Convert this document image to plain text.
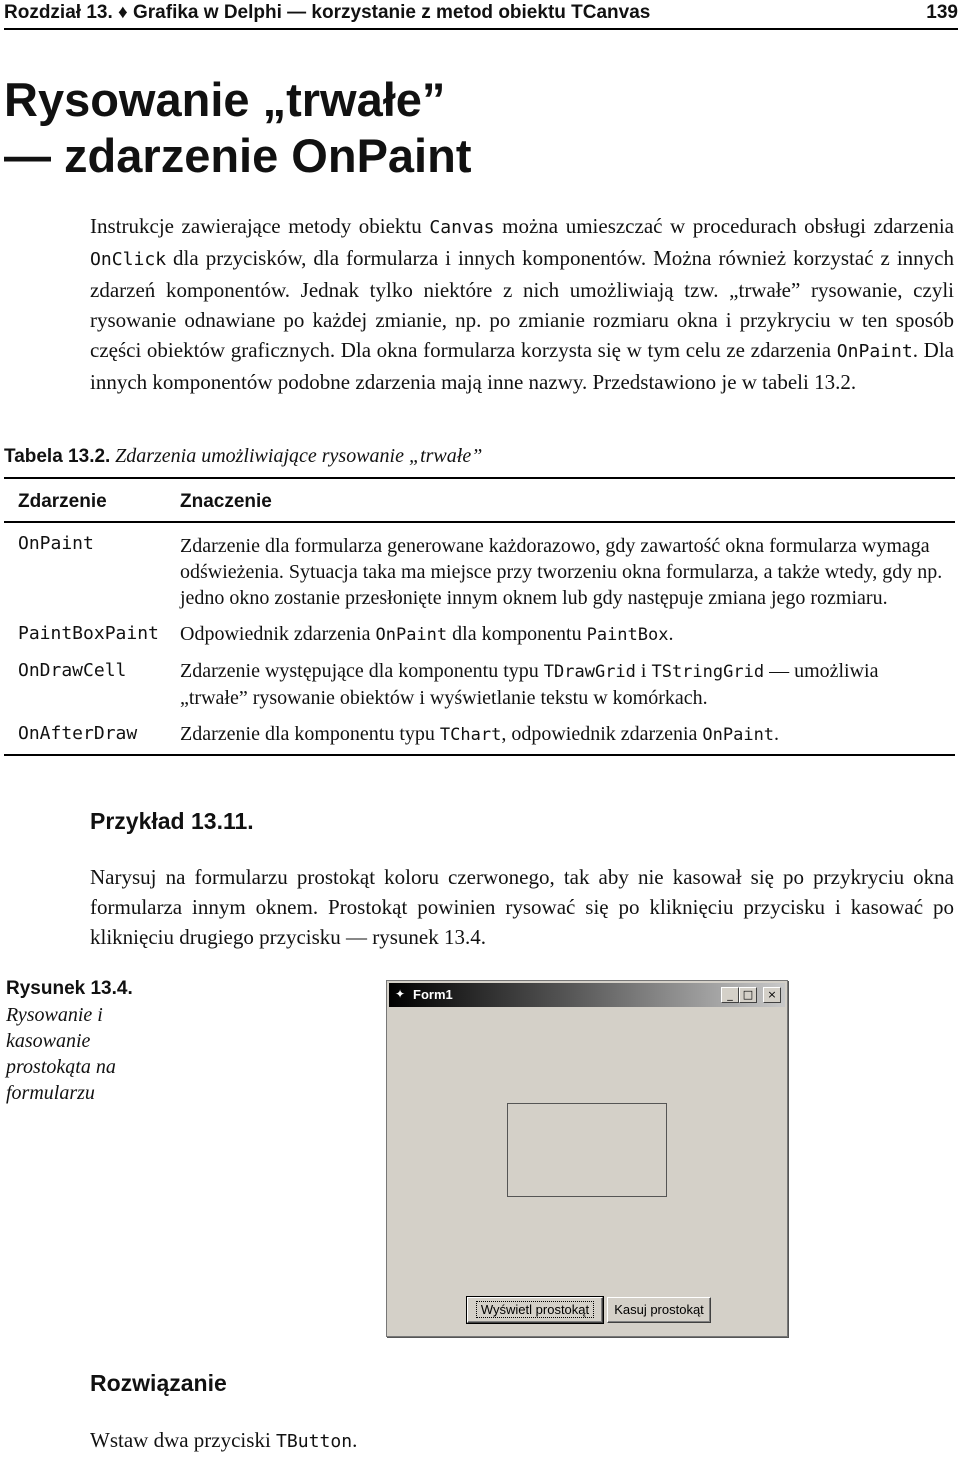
Rozdział 13. ♦ Grafika w Delphi — korzystanie z metod obiektu TCanvas	139
Rysowanie „trwałe”
— zdarzenie OnPaint

Instrukcje zawierające metody obiektu Canvas można umieszczać w procedurach obsługi zdarzenia OnClick dla przycisków, dla formularza i innych komponentów. Można również korzystać z innych zdarzeń komponentów. Jednak tylko niektóre z nich umożliwiają tzw. „trwałe” rysowanie, czyli rysowanie odnawiane po każdej zmianie, np. po zmianie rozmiaru okna i przykryciu w ten sposób części obiektów graficznych. Dla okna formularza korzysta się w tym celu ze zdarzenia OnPaint. Dla innych komponentów podobne zdarzenia mają inne nazwy. Przedstawiono je w tabeli 13.2.

Tabela 13.2. Zdarzenia umożliwiające rysowanie „trwałe”
Zdarzenie	Znaczenie
OnPaint	Zdarzenie dla formularza generowane każdorazowo, gdy zawartość okna formularza wymaga odświeżenia. Sytuacja taka ma miejsce przy tworzeniu okna formularza, a także wtedy, gdy np. jedno okno zostanie przesłonięte innym oknem lub gdy następuje zmiana jego rozmiaru.
PaintBoxPaint Odpowiednik zdarzenia OnPaint dla komponentu PaintBox.
OnDrawCell	Zdarzenie występujące dla komponentu typu TDrawGrid i TStringGrid — umożliwia „trwałe” rysowanie obiektów i wyświetlanie tekstu w komórkach.
OnAfterDraw Zdarzenie dla komponentu typu TChart, odpowiednik zdarzenia OnPaint.
Przykład 13.11.

Narysuj na formularzu prostokąt koloru czerwonego, tak aby nie kasował się po przykryciu okna formularza innym oknem. Prostokąt powinien rysować się po kliknięciu przycisku i kasować po kliknięciu drugiego przycisku — rysunek 13.4.

Rysunek 13.4.
Rysowanie i kasowanie prostokąta na formularzu
✦ Form1	_ □	×
Wyświetl prostokąt	Kasuj prostokąt
Rozwiązanie

Wstaw dwa przyciski TButton.
